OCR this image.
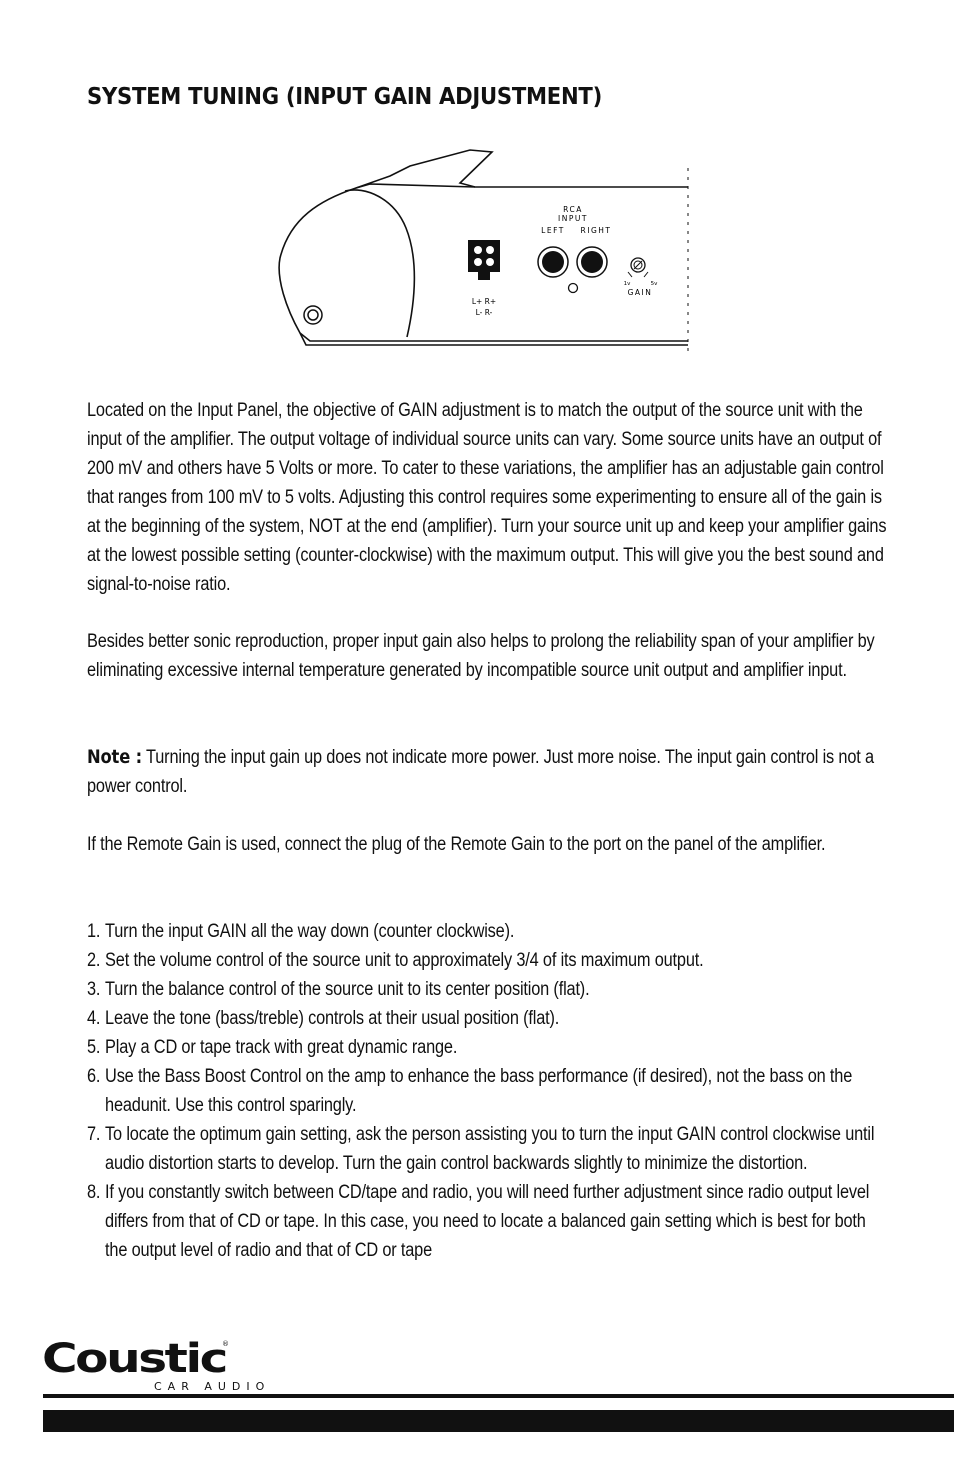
SYSTEM TUNING (INPUT GAIN ADJUSTMENT)
L+ R+
L- R-
RCA
INPUT
LEFT RIGHT
1v	5v
GAIN
Located on the Input Panel, the objective of GAIN adjustment is to match the output of the source unit with the input of the amplifier. The output voltage of individual source units can vary. Some source units have an output of 200 mV and others have 5 Volts or more. To cater to these variations, the amplifier has an adjustable gain control that ranges from 100 mV to 5 volts. Adjusting this control requires some experimenting to ensure all of the gain is at the beginning of the system, NOT at the end (amplifier). Turn your source unit up and keep your amplifier gains at the lowest possible setting (counter-clockwise) with the maximum output. This will give you the best sound and signal-to-noise ratio.
Besides better sonic reproduction, proper input gain also helps to prolong the reliability span of your amplifier by eliminating excessive internal temperature generated by incompatible source unit output and amplifier input.
Note : Turning the input gain up does not indicate more power. Just more noise. The input gain control is not a power control.
If the Remote Gain is used, connect the plug of the Remote Gain to the port on the panel of the amplifier.
1. Turn the input GAIN all the way down (counter clockwise).
2. Set the volume control of the source unit to approximately 3/4 of its maximum output.
3. Turn the balance control of the source unit to its center position (flat).
4. Leave the tone (bass/treble) controls at their usual position (flat).
5. Play a CD or tape track with great dynamic range.
6. Use the Bass Boost Control on the amp to enhance the bass performance (if desired), not the bass on the headunit. Use this control sparingly.
7. To locate the optimum gain setting, ask the person assisting you to turn the input GAIN control clockwise until audio distortion starts to develop. Turn the gain control backwards slightly to minimize the distortion.
8. If you constantly switch between CD/tape and radio, you will need further adjustment since radio output level differs from that of CD or tape. In this case, you need to locate a balanced gain setting which is best for both the output level of radio and that of CD or tape
Coustic
®
CAR AUDIO
